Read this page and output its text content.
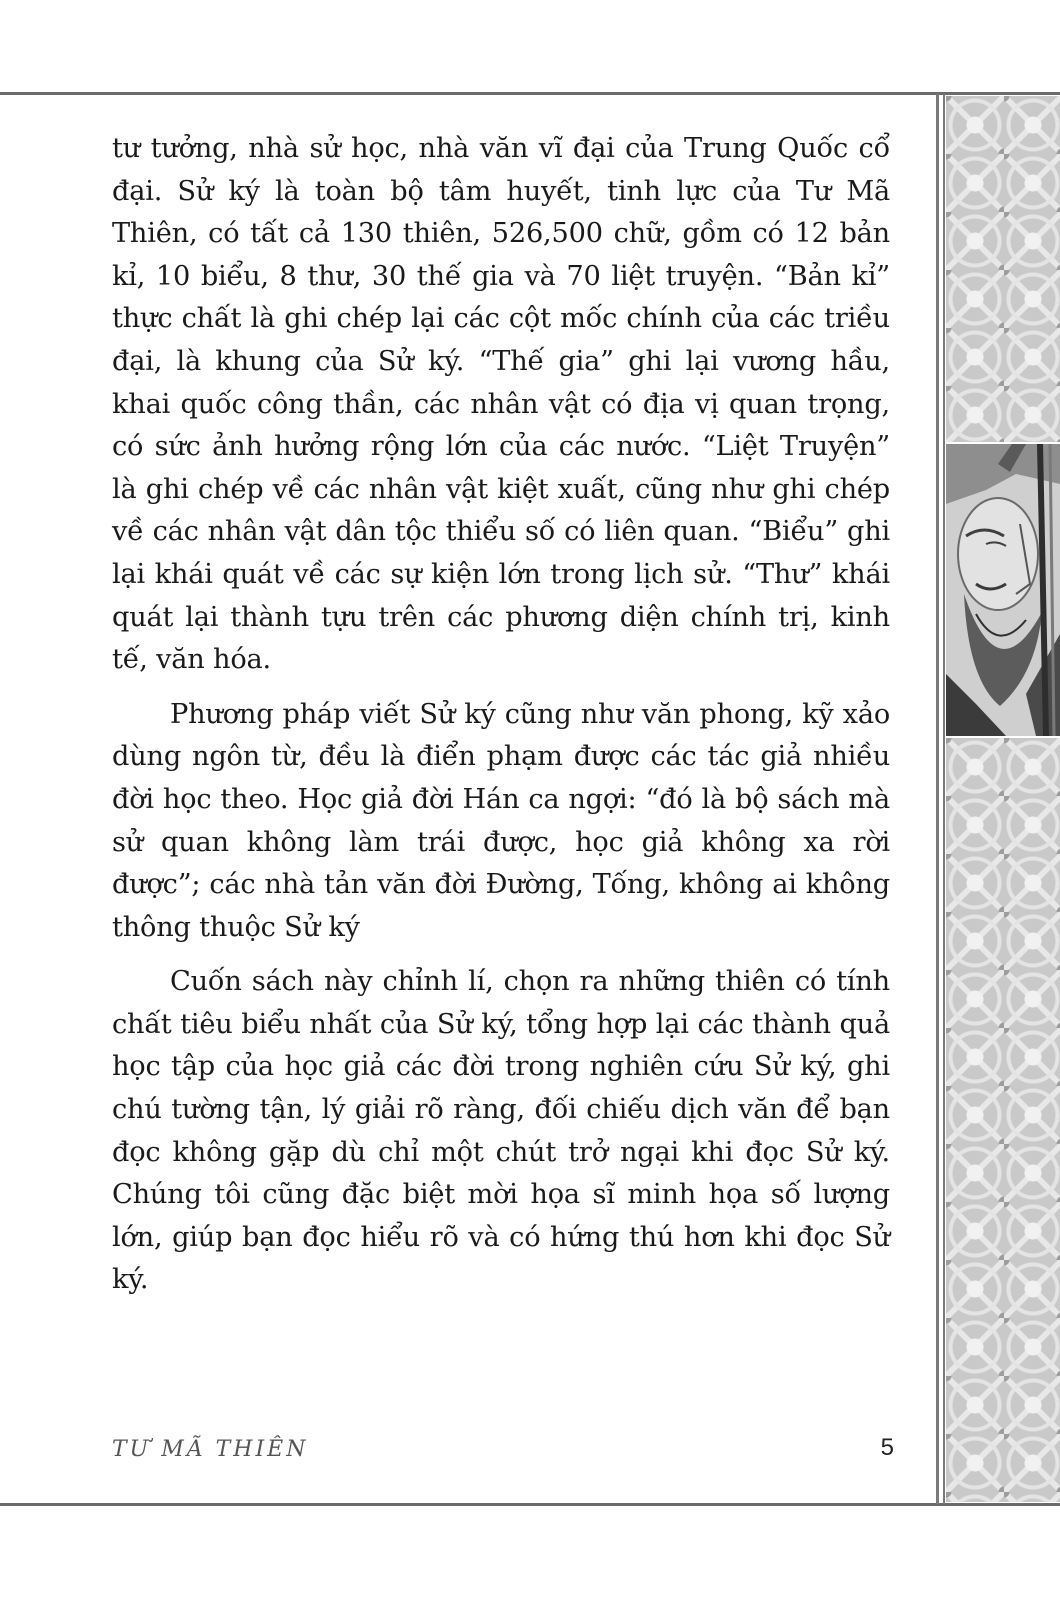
tư tưởng, nhà sử học, nhà văn vĩ đại của Trung Quốc cổ đại. Sử ký là toàn bộ tâm huyết, tinh lực của Tư Mã Thiên, có tất cả 130 thiên, 526,500 chữ, gồm có 12 bản kỉ, 10 biểu, 8 thư, 30 thế gia và 70 liệt truyện. “Bản kỉ” thực chất là ghi chép lại các cột mốc chính của các triều đại, là khung của Sử ký. “Thế gia” ghi lại vương hầu, khai quốc công thần, các nhân vật có địa vị quan trọng, có sức ảnh hưởng rộng lớn của các nước. “Liệt Truyện” là ghi chép về các nhân vật kiệt xuất, cũng như ghi chép về các nhân vật dân tộc thiểu số có liên quan. “Biểu” ghi lại khái quát về các sự kiện lớn trong lịch sử. “Thư” khái quát lại thành tựu trên các phương diện chính trị, kinh tế, văn hóa.

Phương pháp viết Sử ký cũng như văn phong, kỹ xảo dùng ngôn từ, đều là điển phạm được các tác giả nhiều đời học theo. Học giả đời Hán ca ngợi: “đó là bộ sách mà sử quan không làm trái được, học giả không xa rời được”; các nhà tản văn đời Đường, Tống, không ai không thông thuộc Sử ký

Cuốn sách này chỉnh lí, chọn ra những thiên có tính chất tiêu biểu nhất của Sử ký, tổng hợp lại các thành quả học tập của học giả các đời trong nghiên cứu Sử ký, ghi chú tường tận, lý giải rõ ràng, đối chiếu dịch văn để bạn đọc không gặp dù chỉ một chút trở ngại khi đọc Sử ký. Chúng tôi cũng đặc biệt mời họa sĩ minh họa số lượng lớn, giúp bạn đọc hiểu rõ và có hứng thú hơn khi đọc Sử ký.

TƯ MÃ THIÊN	5
